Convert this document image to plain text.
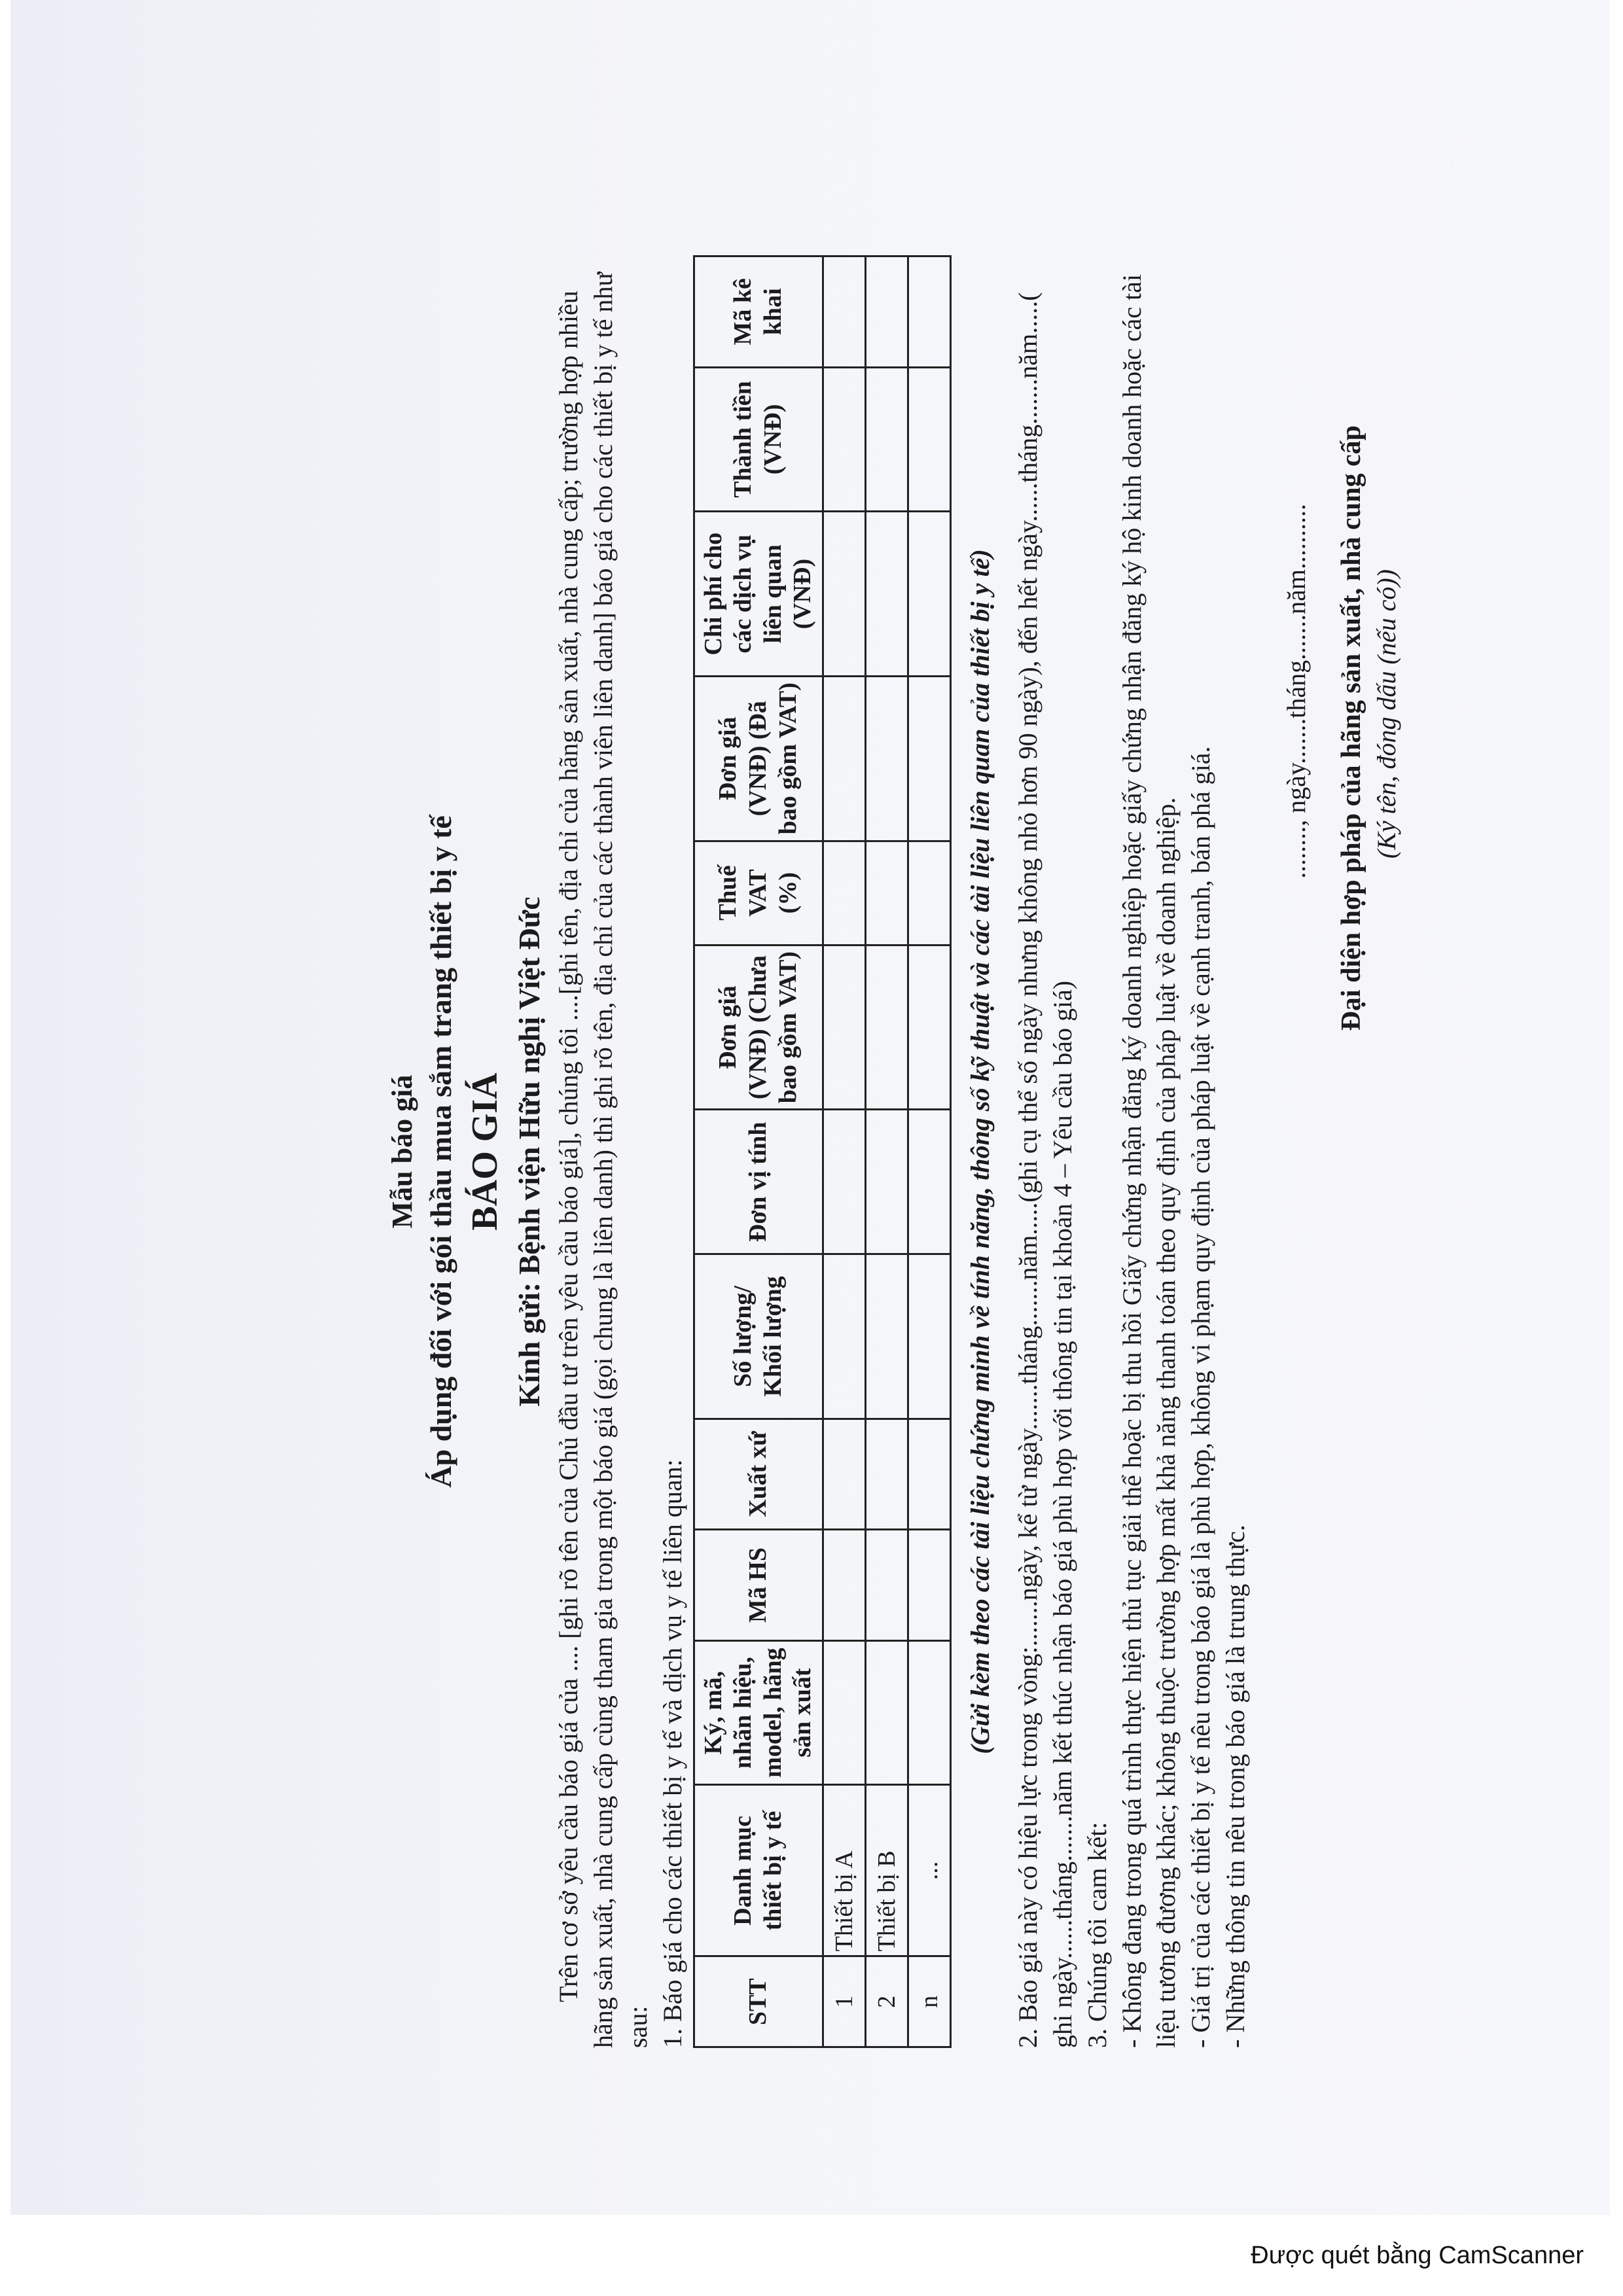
Mẫu báo giá Áp dụng đối với gói thầu mua sắm trang thiết bị y tế BÁO GIÁ Kính gửi: Bệnh viện Hữu nghị Việt Đức Trên cơ sở yêu cầu báo giá của .... [ghi rõ tên của Chủ đầu tư trên yêu cầu báo giá], chúng tôi ....[ghi tên, địa chỉ của hãng sản xuất, nhà cung cấp; trường hợp nhiều hãng sản xuất, nhà cung cấp cùng tham gia trong một báo giá (gọi chung là liên danh) thì ghi rõ tên, địa chỉ của các thành viên liên danh] báo giá cho các thiết bị y tế như sau: 1. Báo giá cho các thiết bị y tế và dịch vụ y tế liên quan: STT	Danh mục thiết bị y tế	Ký, mã, nhãn hiệu, model, hãng sản xuất	Mã HS	Xuất xứ	Số lượng/ Khối lượng	Đơn vị tính	Đơn giá (VNĐ) (Chưa bao gồm VAT)	Thuế VAT (%)	Đơn giá (VNĐ) (Đã bao gồm VAT)	Chi phí cho các dịch vụ liên quan (VNĐ)	Thành tiền (VNĐ)	Mã kê khai
1	Thiết bị A											
2	Thiết bị B											
n	...											
(Gửi kèm theo các tài liệu chứng minh về tính năng, thông số kỹ thuật và các tài liệu liên quan của thiết bị y tế) 2. Báo giá này có hiệu lực trong vòng:.......ngày, kể từ ngày.......tháng.......năm.....(ghi cụ thể số ngày nhưng không nhỏ hơn 90 ngày), đến hết ngày......tháng.......năm.....( ghi ngày......tháng.......năm kết thúc nhận báo giá phù hợp với thông tin tại khoản 4 – Yêu cầu báo giá) 3. Chúng tôi cam kết: - Không đang trong quá trình thực hiện thủ tục giải thể hoặc bị thu hồi Giấy chứng nhận đăng ký doanh nghiệp hoặc giấy chứng nhận đăng ký hộ kinh doanh hoặc các tài liệu tương đương khác; không thuộc trường hợp mất khả năng thanh toán theo quy định của pháp luật về doanh nghiệp. - Giá trị của các thiết bị y tế nêu trong báo giá là phù hợp, không vi phạm quy định của pháp luật về cạnh tranh, bán phá giá. - Những thông tin nêu trong báo giá là trung thực.

........, ngày.......tháng.......năm.......... Đại diện hợp pháp của hãng sản xuất, nhà cung cấp (Ký tên, đóng dấu (nếu có))
Được quét bằng CamScanner
